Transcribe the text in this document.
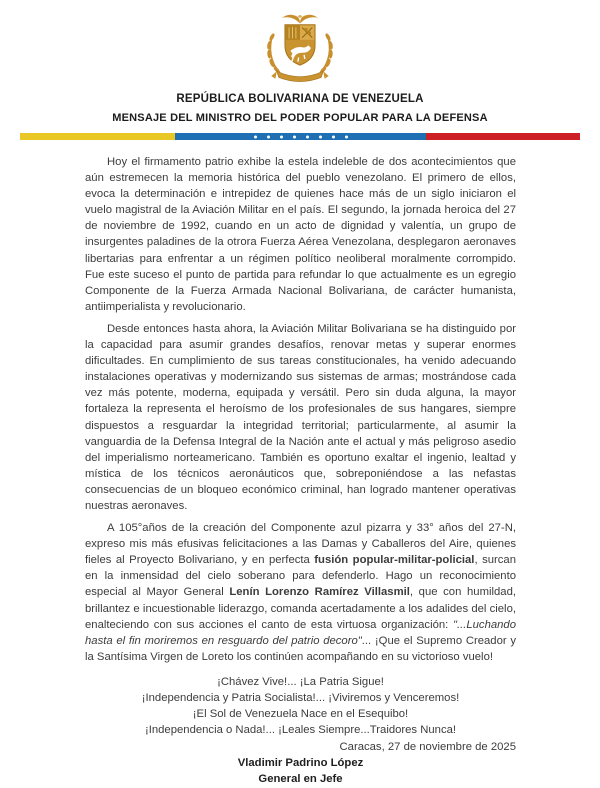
REPÚBLICA BOLIVARIANA DE VENEZUELA
MENSAJE DEL MINISTRO DEL PODER POPULAR PARA LA DEFENSA

Hoy el firmamento patrio exhibe la estela indeleble de dos acontecimientos que aún estremecen la memoria histórica del pueblo venezolano. El primero de ellos, evoca la determinación e intrepidez de quienes hace más de un siglo iniciaron el vuelo magistral de la Aviación Militar en el país. El segundo, la jornada heroica del 27 de noviembre de 1992, cuando en un acto de dignidad y valentía, un grupo de insurgentes paladines de la otrora Fuerza Aérea Venezolana, desplegaron aeronaves libertarias para enfrentar a un régimen político neoliberal moralmente corrompido. Fue este suceso el punto de partida para refundar lo que actualmente es un egregio Componente de la Fuerza Armada Nacional Bolivariana, de carácter humanista, antiimperialista y revolucionario.

Desde entonces hasta ahora, la Aviación Militar Bolivariana se ha distinguido por la capacidad para asumir grandes desafíos, renovar metas y superar enormes dificultades. En cumplimiento de sus tareas constitucionales, ha venido adecuando instalaciones operativas y modernizando sus sistemas de armas; mostrándose cada vez más potente, moderna, equipada y versátil. Pero sin duda alguna, la mayor fortaleza la representa el heroísmo de los profesionales de sus hangares, siempre dispuestos a resguardar la integridad territorial; particularmente, al asumir la vanguardia de la Defensa Integral de la Nación ante el actual y más peligroso asedio del imperialismo norteamericano. También es oportuno exaltar el ingenio, lealtad y mística de los técnicos aeronáuticos que, sobreponiéndose a las nefastas consecuencias de un bloqueo económico criminal, han logrado mantener operativas nuestras aeronaves.

A 105°años de la creación del Componente azul pizarra y 33° años del 27-N, expreso mis más efusivas felicitaciones a las Damas y Caballeros del Aire, quienes fieles al Proyecto Bolivariano, y en perfecta fusión popular-militar-policial, surcan en la inmensidad del cielo soberano para defenderlo. Hago un reconocimiento especial al Mayor General Lenín Lorenzo Ramírez Villasmil, que con humildad, brillantez e incuestionable liderazgo, comanda acertadamente a los adalides del cielo, enalteciendo con sus acciones el canto de esta virtuosa organización: "...Luchando hasta el fin moriremos en resguardo del patrio decoro"... ¡Que el Supremo Creador y la Santísima Virgen de Loreto los continúen acompañando en su victorioso vuelo!

¡Chávez Vive!... ¡La Patria Sigue!
¡Independencia y Patria Socialista!... ¡Viviremos y Venceremos!
¡El Sol de Venezuela Nace en el Esequibo!
¡Independencia o Nada!... ¡Leales Siempre...Traidores Nunca!
Caracas, 27 de noviembre de 2025
Vladimir Padrino López
General en Jefe
